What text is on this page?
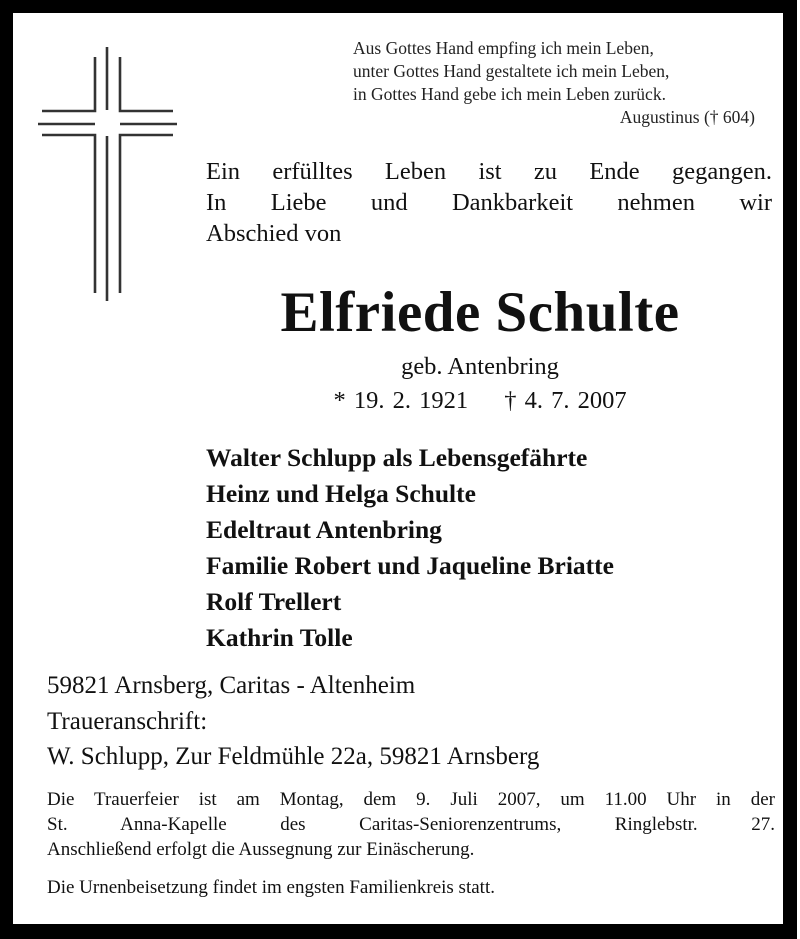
Aus Gottes Hand empfing ich mein Leben,
unter Gottes Hand gestaltete ich mein Leben,
in Gottes Hand gebe ich mein Leben zurück.
Augustinus († 604)
Ein erfülltes Leben ist zu Ende gegangen.
In Liebe und Dankbarkeit nehmen wir
Abschied von
Elfriede Schulte
geb. Antenbring
* 19. 2. 1921 † 4. 7. 2007
Walter Schlupp als Lebensgefährte
Heinz und Helga Schulte
Edeltraut Antenbring
Familie Robert und Jaqueline Briatte
Rolf Trellert
Kathrin Tolle
59821 Arnsberg, Caritas - Altenheim
Traueranschrift:
W. Schlupp, Zur Feldmühle 22a, 59821 Arnsberg
Die Trauerfeier ist am Montag, dem 9. Juli 2007, um 11.00 Uhr in der
St. Anna-Kapelle des Caritas-Seniorenzentrums, Ringlebstr. 27.
Anschließend erfolgt die Aussegnung zur Einäscherung.
Die Urnenbeisetzung findet im engsten Familienkreis statt.
